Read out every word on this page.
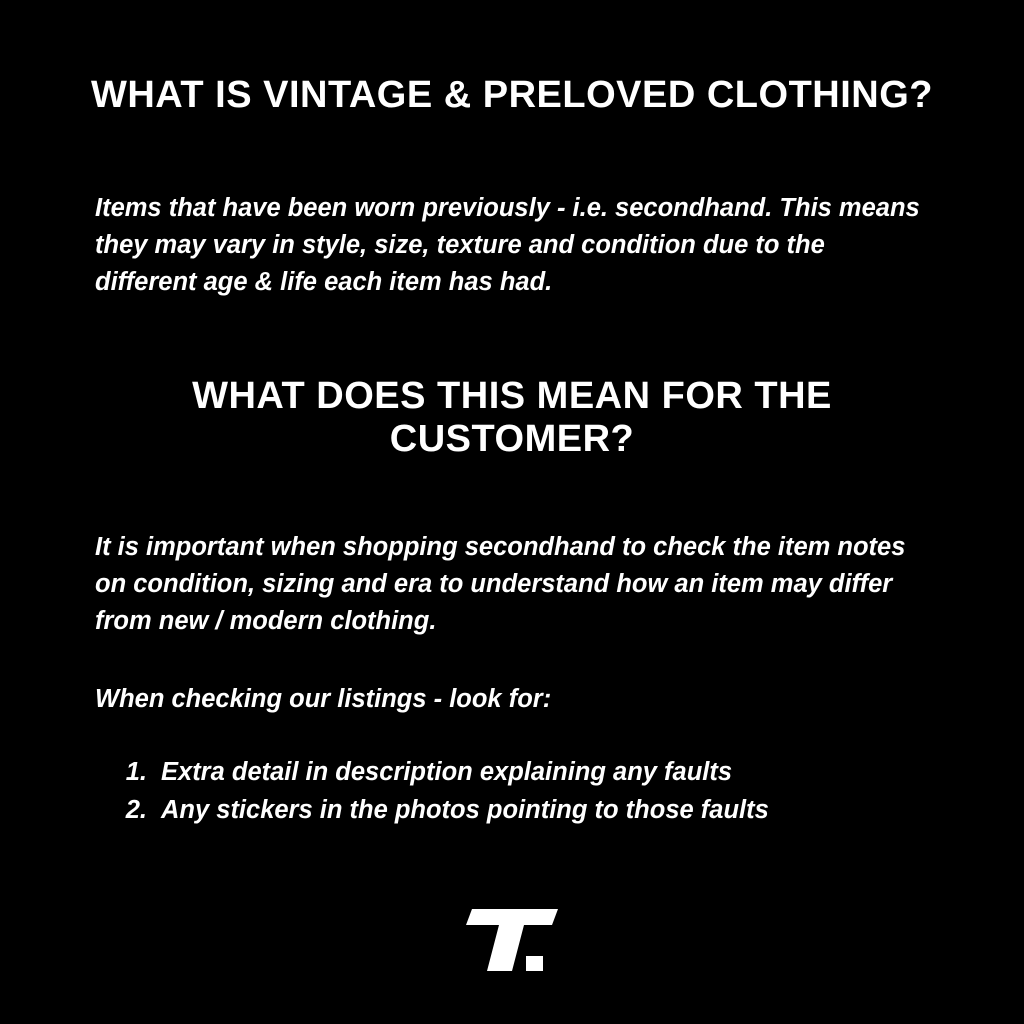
WHAT IS VINTAGE & PRELOVED CLOTHING?

Items that have been worn previously - i.e. secondhand. This means they may vary in style, size, texture and condition due to the different age & life each item has had.

WHAT DOES THIS MEAN FOR THE CUSTOMER?

It is important when shopping secondhand to check the item notes on condition, sizing and era to understand how an item may differ from new / modern clothing.

When checking our listings - look for:

1. Extra detail in description explaining any faults
2. Any stickers in the photos pointing to those faults
